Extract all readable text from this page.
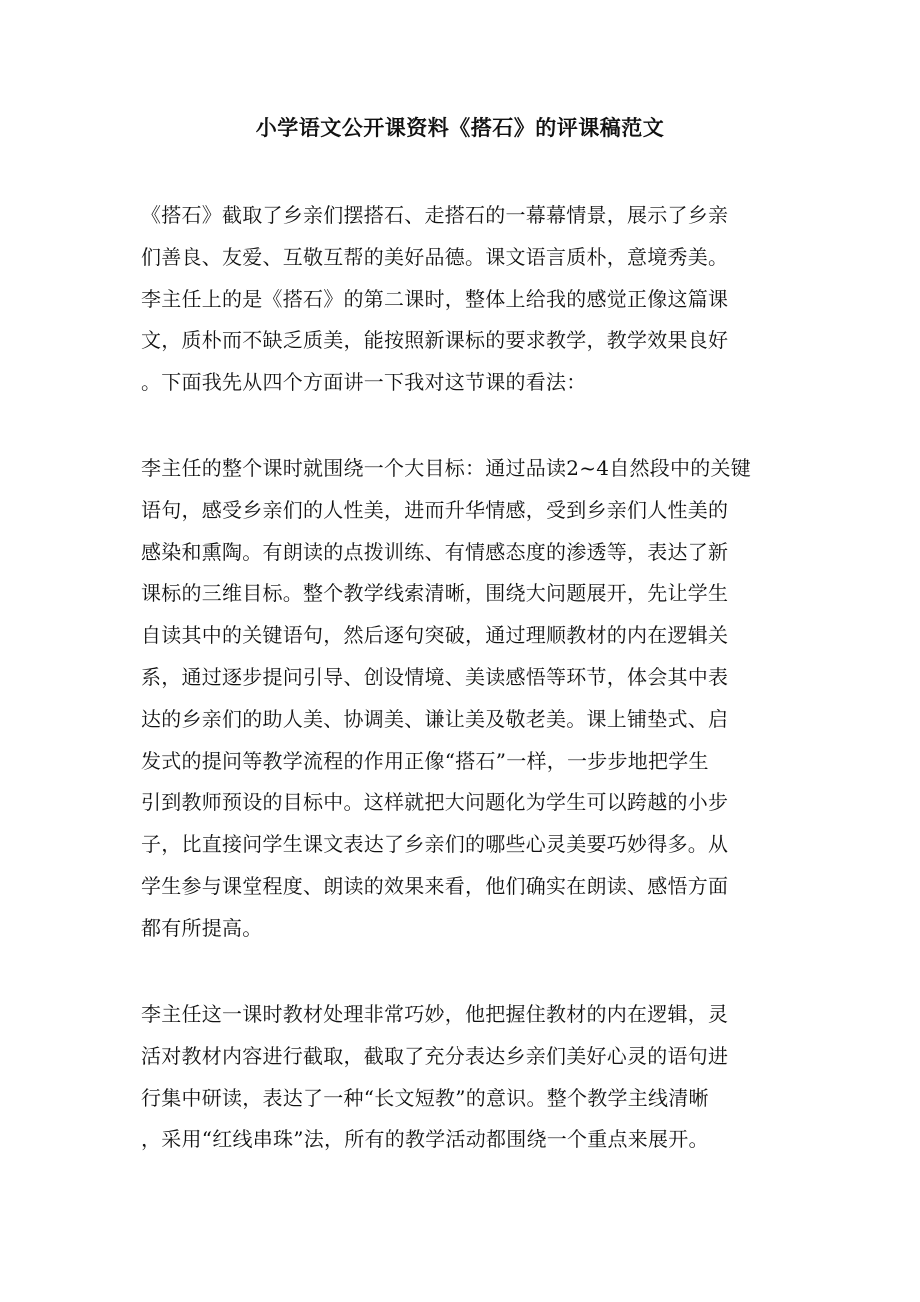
小学语文公开课资料《搭石》的评课稿范文
《搭石》截取了乡亲们摆搭石、走搭石的一幕幕情景，展示了乡亲
们善良、友爱、互敬互帮的美好品德。课文语言质朴，意境秀美。
李主任上的是《搭石》的第二课时，整体上给我的感觉正像这篇课
文，质朴而不缺乏质美，能按照新课标的要求教学，教学效果良好
。下面我先从四个方面讲一下我对这节课的看法：
李主任的整个课时就围绕一个大目标：通过品读2~4自然段中的关键
语句，感受乡亲们的人性美，进而升华情感，受到乡亲们人性美的
感染和熏陶。有朗读的点拨训练、有情感态度的渗透等，表达了新
课标的三维目标。整个教学线索清晰，围绕大问题展开，先让学生
自读其中的关键语句，然后逐句突破，通过理顺教材的内在逻辑关
系，通过逐步提问引导、创设情境、美读感悟等环节，体会其中表
达的乡亲们的助人美、协调美、谦让美及敬老美。课上铺垫式、启
发式的提问等教学流程的作用正像“搭石”一样，一步步地把学生
引到教师预设的目标中。这样就把大问题化为学生可以跨越的小步
子，比直接问学生课文表达了乡亲们的哪些心灵美要巧妙得多。从
学生参与课堂程度、朗读的效果来看，他们确实在朗读、感悟方面
都有所提高。
李主任这一课时教材处理非常巧妙，他把握住教材的内在逻辑，灵
活对教材内容进行截取，截取了充分表达乡亲们美好心灵的语句进
行集中研读，表达了一种“长文短教”的意识。整个教学主线清晰
，采用“红线串珠”法，所有的教学活动都围绕一个重点来展开。
